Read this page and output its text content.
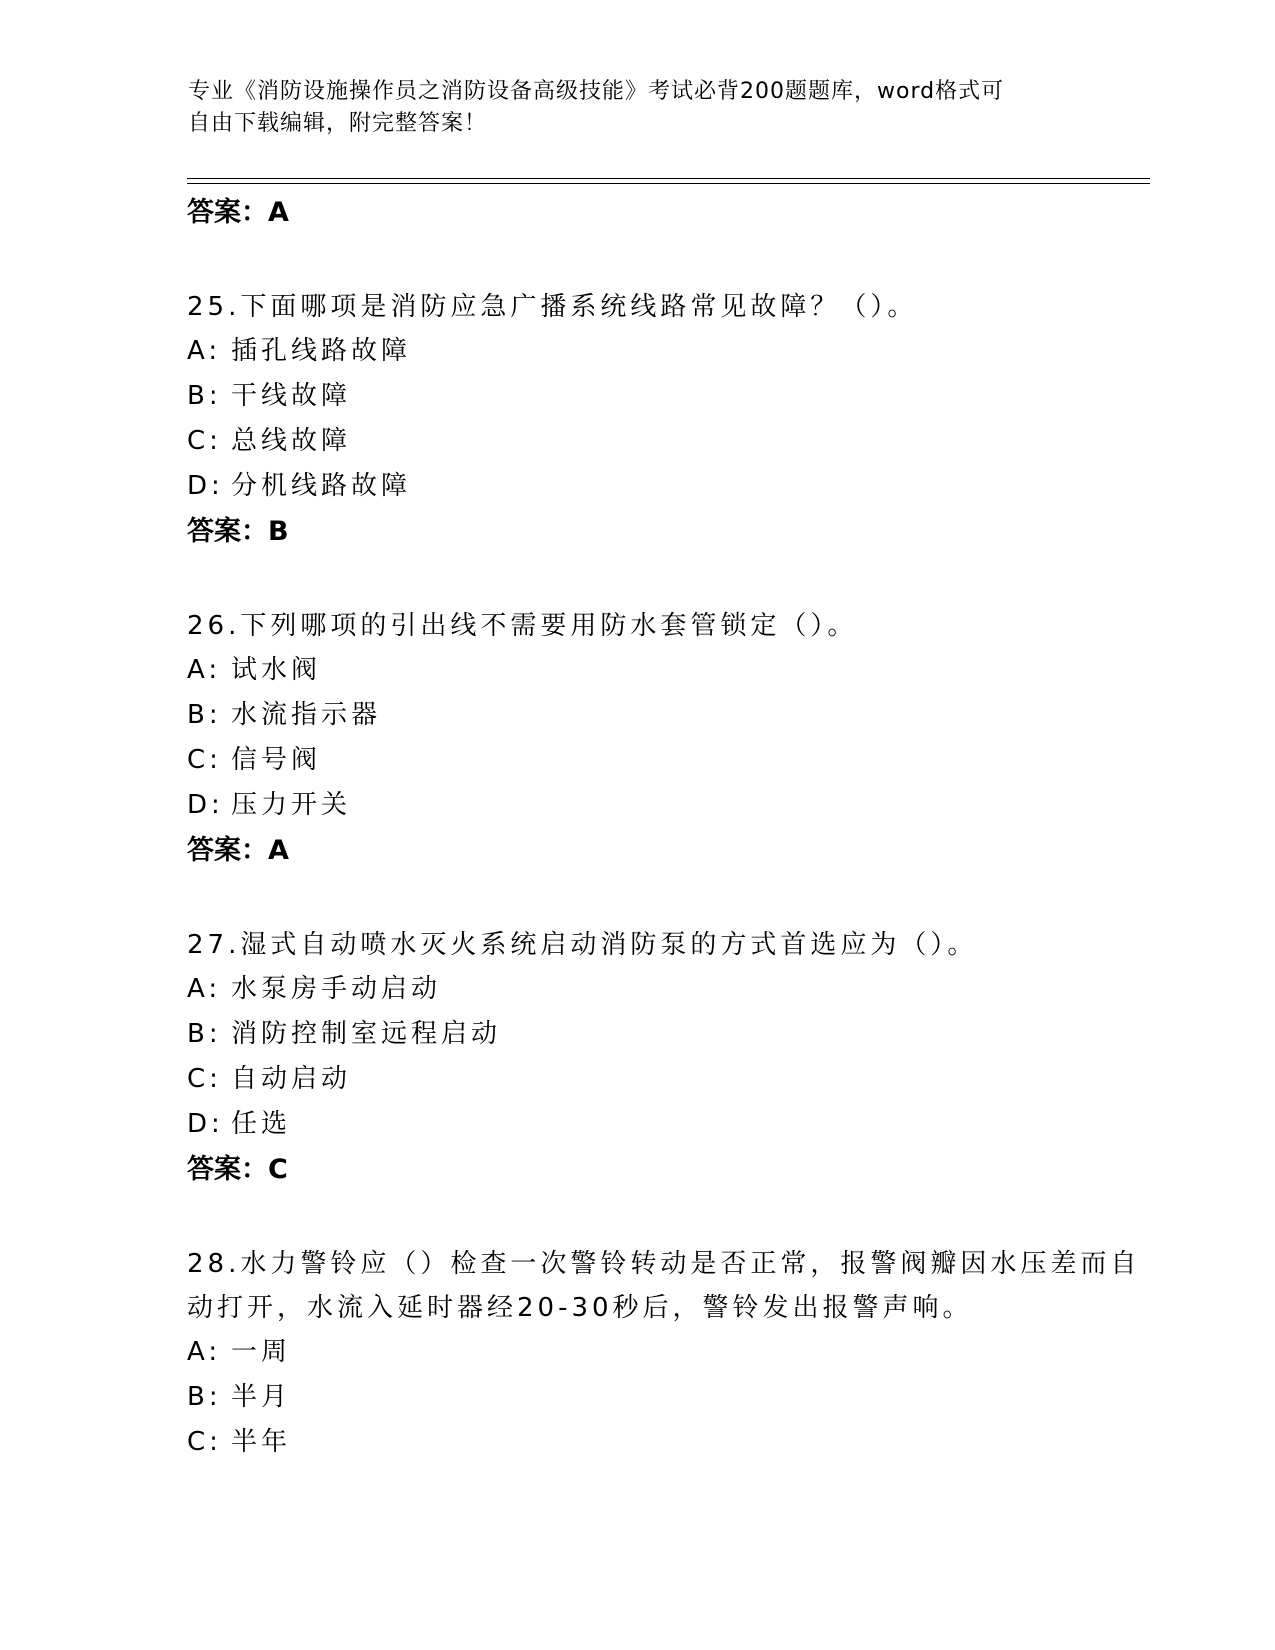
专业《消防设施操作员之消防设备高级技能》考试必背200题题库，word格式可
自由下载编辑，附完整答案！
答案：A
25.下面哪项是消防应急广播系统线路常见故障？（）。
A: 插孔线路故障
B: 干线故障
C: 总线故障
D: 分机线路故障
答案：B
26.下列哪项的引出线不需要用防水套管锁定（）。
A: 试水阀
B: 水流指示器
C: 信号阀
D: 压力开关
答案：A
27.湿式自动喷水灭火系统启动消防泵的方式首选应为（）。
A: 水泵房手动启动
B: 消防控制室远程启动
C: 自动启动
D: 任选
答案：C
28.水力警铃应（）检查一次警铃转动是否正常，报警阀瓣因水压差而自动打开，水流入延时器经20-30秒后，警铃发出报警声响。
A: 一周
B: 半月
C: 半年
